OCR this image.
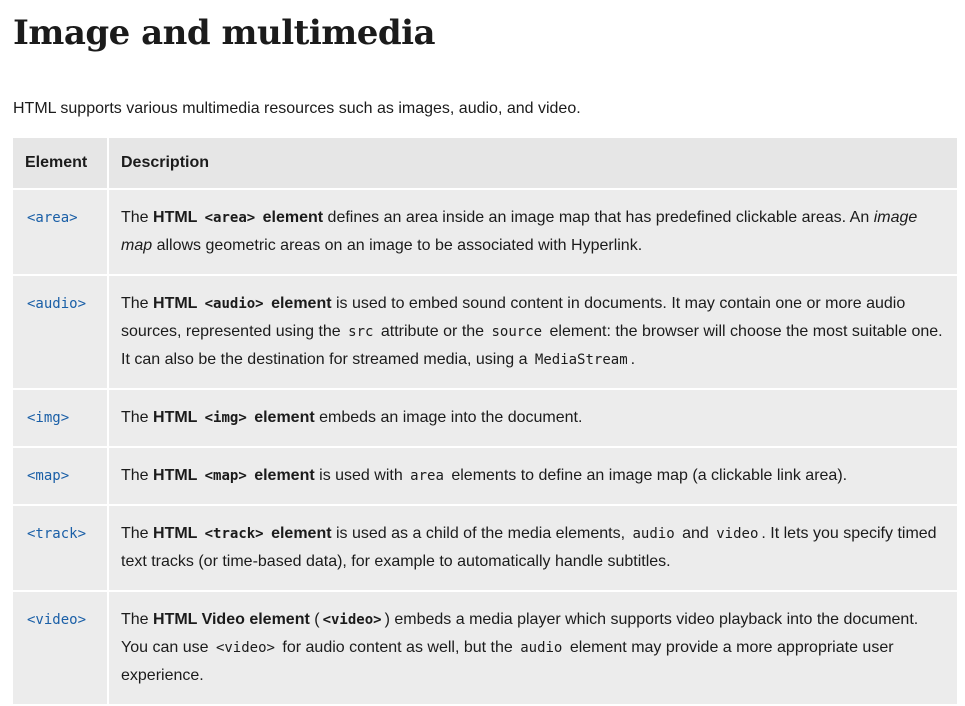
Image and multimedia

HTML supports various multimedia resources such as images, audio, and video.

Element	Description
<area>	The HTML <area> element defines an area inside an image map that has predefined clickable areas. An image map allows geometric areas on an image to be associated with Hyperlink.
<audio>	The HTML <audio> element is used to embed sound content in documents. It may contain one or more audio sources, represented using the src attribute or the source element: the browser will choose the most suitable one. It can also be the destination for streamed media, using a MediaStream .
<img>	The HTML <img> element embeds an image into the document.
<map>	The HTML <map> element is used with area elements to define an image map (a clickable link area).
<track>	The HTML <track> element is used as a child of the media elements, audio and video . It lets you specify timed text tracks (or time-based data), for example to automatically handle subtitles.
<video>	The HTML Video element ( <video> ) embeds a media player which supports video playback into the document. You can use <video> for audio content as well, but the audio element may provide a more appropriate user experience.
